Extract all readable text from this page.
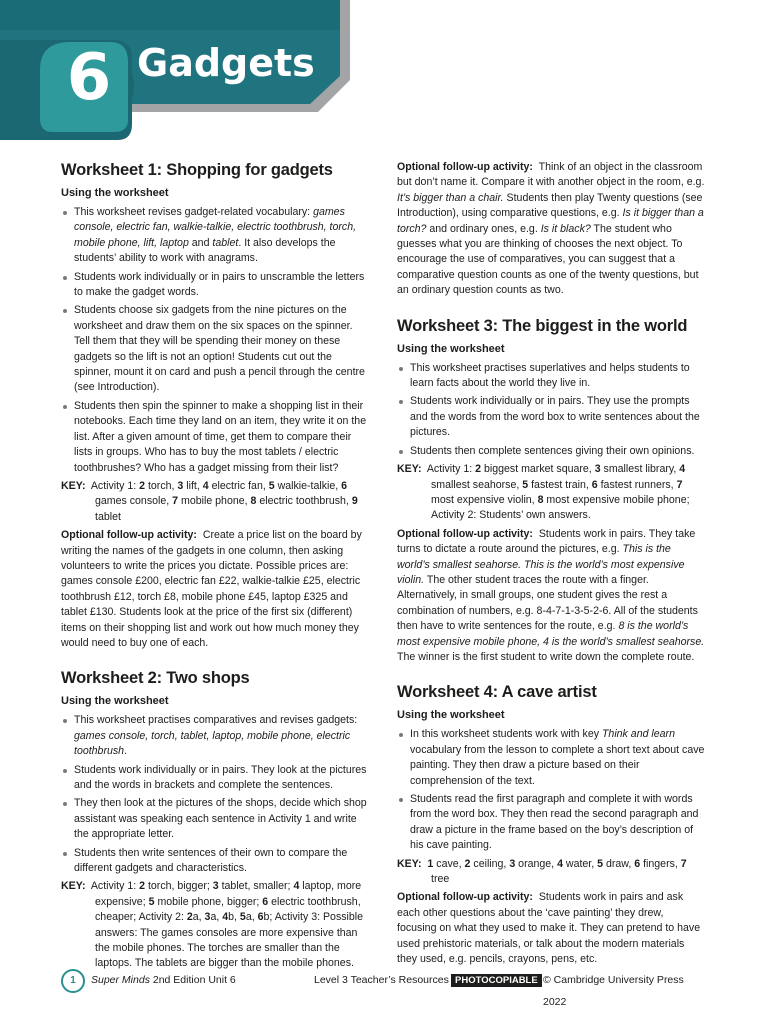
6 Gadgets
Worksheet 1: Shopping for gadgets
Using the worksheet
This worksheet revises gadget-related vocabulary: games console, electric fan, walkie-talkie, electric toothbrush, torch, mobile phone, lift, laptop and tablet. It also develops the students’ ability to work with anagrams.
Students work individually or in pairs to unscramble the letters to make the gadget words.
Students choose six gadgets from the nine pictures on the worksheet and draw them on the six spaces on the spinner. Tell them that they will be spending their money on these gadgets so the lift is not an option! Students cut out the spinner, mount it on card and push a pencil through the centre (see Introduction).
Students then spin the spinner to make a shopping list in their notebooks. Each time they land on an item, they write it on the list. After a given amount of time, get them to compare their lists in groups. Who has to buy the most tablets / electric toothbrushes? Who has a gadget missing from their list?

KEY: Activity 1: 2 torch, 3 lift, 4 electric fan, 5 walkie-talkie, 6 games console, 7 mobile phone, 8 electric toothbrush, 9 tablet

Optional follow-up activity: Create a price list on the board by writing the names of the gadgets in one column, then asking volunteers to write the prices you dictate. Possible prices are: games console £200, electric fan £22, walkie-talkie £25, electric toothbrush £12, torch £8, mobile phone £45, laptop £325 and tablet £130. Students look at the price of the first six (different) items on their shopping list and work out how much money they would need to buy one of each.

Worksheet 2: Two shops
Using the worksheet
This worksheet practises comparatives and revises gadgets: games console, torch, tablet, laptop, mobile phone, electric toothbrush.
Students work individually or in pairs. They look at the pictures and the words in brackets and complete the sentences.
They then look at the pictures of the shops, decide which shop assistant was speaking each sentence in Activity 1 and write the appropriate letter.
Students then write sentences of their own to compare the different gadgets and characteristics.

KEY: Activity 1: 2 torch, bigger; 3 tablet, smaller; 4 laptop, more expensive; 5 mobile phone, bigger; 6 electric toothbrush, cheaper; Activity 2: 2a, 3a, 4b, 5a, 6b; Activity 3: Possible answers: The games consoles are more expensive than the mobile phones. The torches are smaller than the laptops. The tablets are bigger than the mobile phones.

Optional follow-up activity: Think of an object in the classroom but don’t name it. Compare it with another object in the room, e.g. It’s bigger than a chair. Students then play Twenty questions (see Introduction), using comparative questions, e.g. Is it bigger than a torch? and ordinary ones, e.g. Is it black? The student who guesses what you are thinking of chooses the next object. To encourage the use of comparatives, you can suggest that a comparative question counts as one of the twenty questions, but an ordinary question counts as two.

Worksheet 3: The biggest in the world
Using the worksheet
This worksheet practises superlatives and helps students to learn facts about the world they live in.
Students work individually or in pairs. They use the prompts and the words from the word box to write sentences about the pictures.
Students then complete sentences giving their own opinions.

KEY: Activity 1: 2 biggest market square, 3 smallest library, 4 smallest seahorse, 5 fastest train, 6 fastest runners, 7 most expensive violin, 8 most expensive mobile phone; Activity 2: Students’ own answers.

Optional follow-up activity: Students work in pairs. They take turns to dictate a route around the pictures, e.g. This is the world’s smallest seahorse. This is the world’s most expensive violin. The other student traces the route with a finger. Alternatively, in small groups, one student gives the rest a combination of numbers, e.g. 8-4-7-1-3-5-2-6. All of the students then have to write sentences for the route, e.g. 8 is the world’s most expensive mobile phone, 4 is the world’s smallest seahorse. The winner is the first student to write down the complete route.

Worksheet 4: A cave artist
Using the worksheet
In this worksheet students work with key Think and learn vocabulary from the lesson to complete a short text about cave painting. They then draw a picture based on their comprehension of the text.
Students read the first paragraph and complete it with words from the word box. They then read the second paragraph and draw a picture in the frame based on the boy’s description of his cave painting.

KEY: 1 cave, 2 ceiling, 3 orange, 4 water, 5 draw, 6 fingers, 7 tree

Optional follow-up activity: Students work in pairs and ask each other questions about the ‘cave painting’ they drew, focusing on what they used to make it. They can pretend to have used prehistoric materials, or talk about the modern materials they used, e.g. pencils, crayons, pens, etc.

1	Super Minds 2nd Edition Unit 6	Level 3 Teacher’s Resources PHOTOCOPIABLE © Cambridge University Press 2022
